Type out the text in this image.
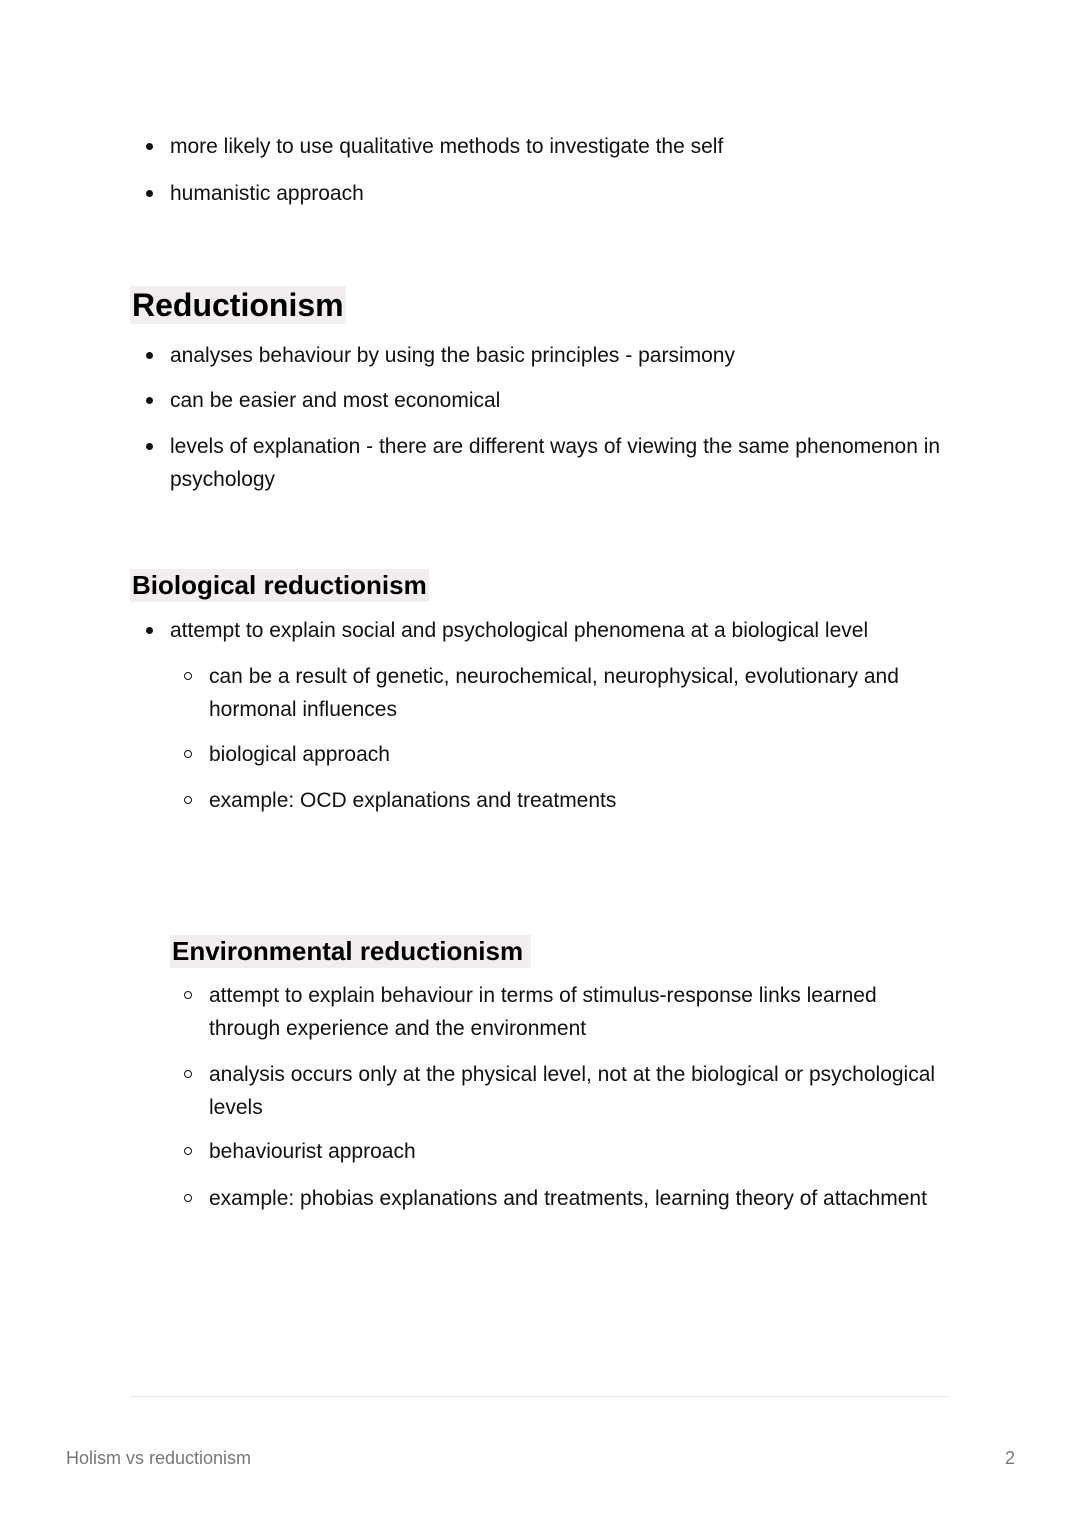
more likely to use qualitative methods to investigate the self
humanistic approach
Reductionism
analyses behaviour by using the basic principles - parsimony
can be easier and most economical
levels of explanation - there are different ways of viewing the same phenomenon in psychology
Biological reductionism
attempt to explain social and psychological phenomena at a biological level
can be a result of genetic, neurochemical, neurophysical, evolutionary and hormonal influences
biological approach
example: OCD explanations and treatments
Environmental reductionism
attempt to explain behaviour in terms of stimulus-response links learned through experience and the environment
analysis occurs only at the physical level, not at the biological or psychological levels
behaviourist approach
example: phobias explanations and treatments, learning theory of attachment
Holism vs reductionism	2
